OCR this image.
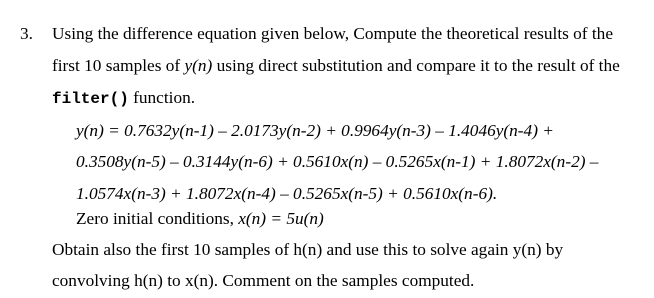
3. Using the difference equation given below, Compute the theoretical results of the
first 10 samples of y(n) using direct substitution and compare it to the result of the
filter() function.
y(n) = 0.7632y(n-1) – 2.0173y(n-2) + 0.9964y(n-3) – 1.4046y(n-4) +
0.3508y(n-5) – 0.3144y(n-6) + 0.5610x(n) – 0.5265x(n-1) + 1.8072x(n-2) –
1.0574x(n-3) + 1.8072x(n-4) – 0.5265x(n-5) + 0.5610x(n-6).
Zero initial conditions, x(n) = 5u(n)
Obtain also the first 10 samples of h(n) and use this to solve again y(n) by
convolving h(n) to x(n). Comment on the samples computed.
